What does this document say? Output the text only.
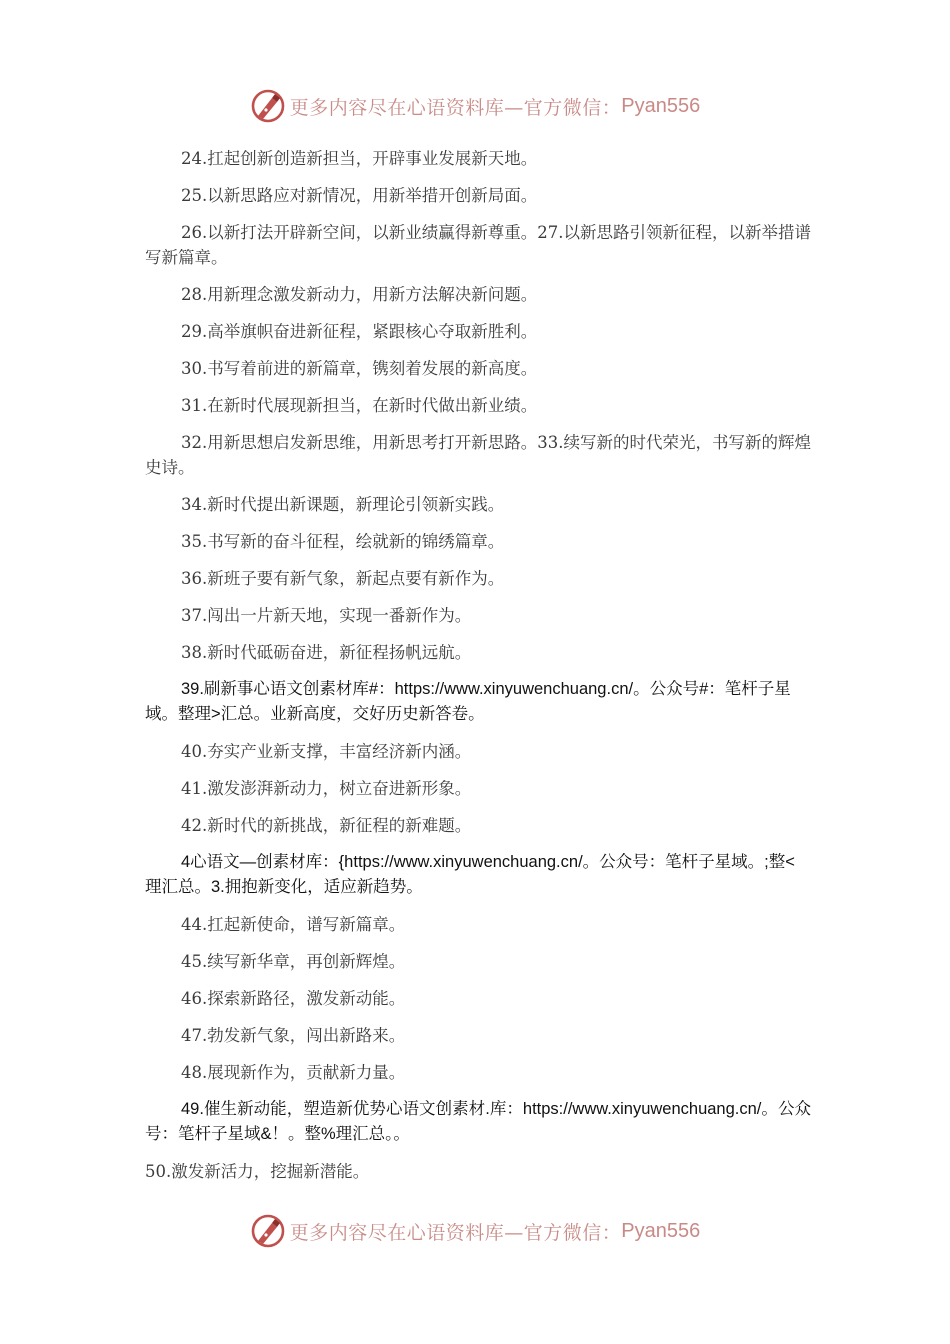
更多内容尽在心语资料库—官方微信： Pyan556

24.扛起创新创造新担当，开辟事业发展新天地。

25.以新思路应对新情况，用新举措开创新局面。

26.以新打法开辟新空间，以新业绩赢得新尊重。27.以新思路引领新征程，以新举措谱写新篇章。

28.用新理念激发新动力，用新方法解决新问题。

29.高举旗帜奋进新征程，紧跟核心夺取新胜利。

30.书写着前进的新篇章，镌刻着发展的新高度。

31.在新时代展现新担当，在新时代做出新业绩。

32.用新思想启发新思维，用新思考打开新思路。33.续写新的时代荣光，书写新的辉煌史诗。

34.新时代提出新课题，新理论引领新实践。

35.书写新的奋斗征程，绘就新的锦绣篇章。

36.新班子要有新气象，新起点要有新作为。

37.闯出一片新天地，实现一番新作为。

38.新时代砥砺奋进，新征程扬帆远航。

39.刷新事心语文创素材库#：https://www.xinyuwenchuang.cn/。公众号#：笔杆子星域。整理>汇总。业新高度，交好历史新答卷。

40.夯实产业新支撑，丰富经济新内涵。

41.激发澎湃新动力，树立奋进新形象。

42.新时代的新挑战，新征程的新难题。

4心语文—创素材库：{https://www.xinyuwenchuang.cn/。公众号：笔杆子星域。;整<理汇总。3.拥抱新变化，适应新趋势。

44.扛起新使命，谱写新篇章。

45.续写新华章，再创新辉煌。

46.探索新路径，激发新动能。

47.勃发新气象，闯出新路来。

48.展现新作为，贡献新力量。

49.催生新动能，塑造新优势心语文创素材.库：https://www.xinyuwenchuang.cn/。公众号：笔杆子星域&！。整%理汇总。。

50.激发新活力，挖掘新潜能。

更多内容尽在心语资料库—官方微信： Pyan556
